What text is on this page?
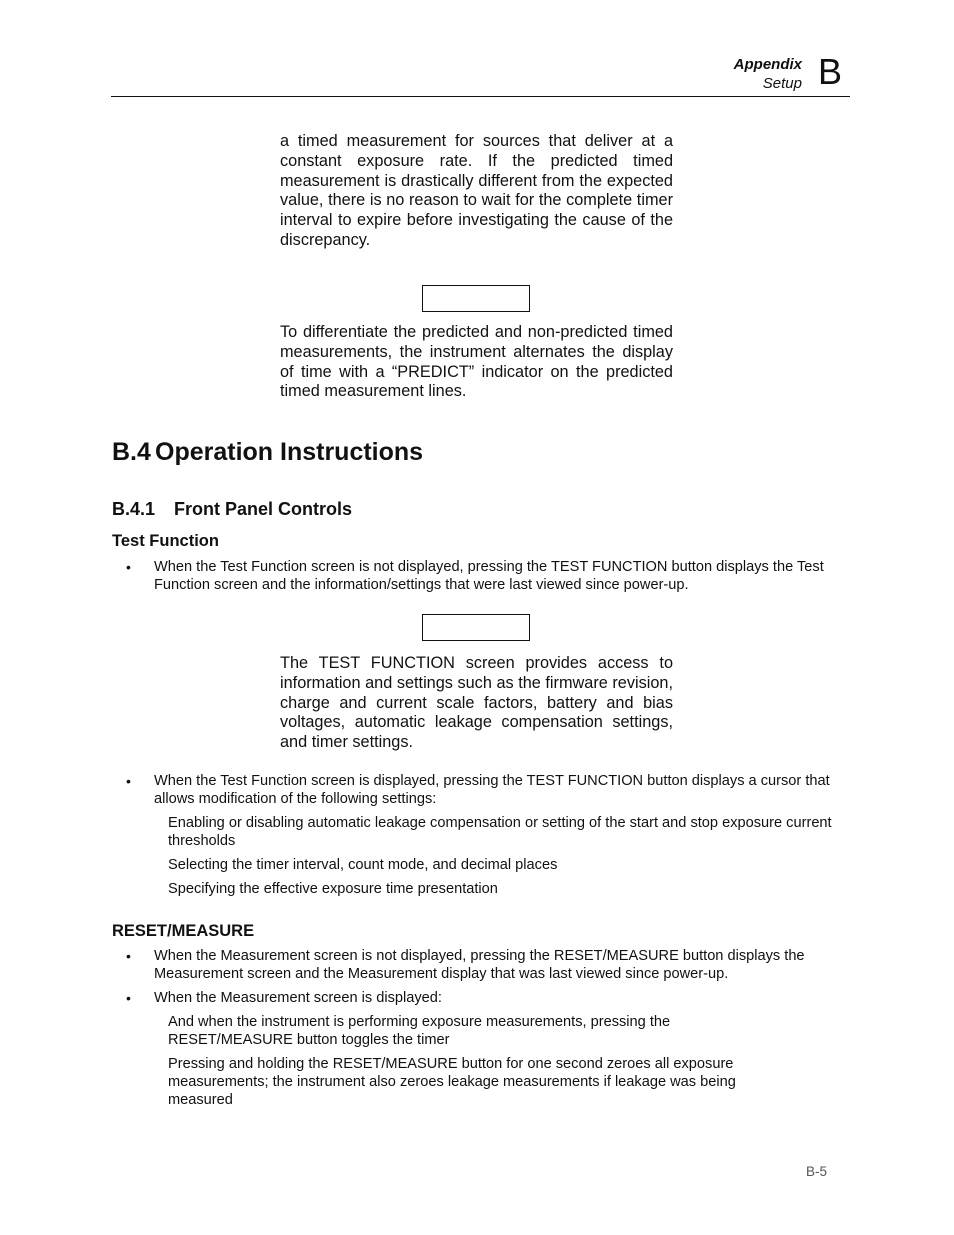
Appendix
Setup B
a timed measurement for sources that deliver at a constant exposure rate. If the predicted timed measurement is drastically different from the expected value, there is no reason to wait for the complete timer interval to expire before investigating the cause of the discrepancy.
To differentiate the predicted and non-predicted timed measurements, the instrument alternates the display of time with a “PREDICT” indicator on the predicted timed measurement lines.
B.4 Operation Instructions
B.4.1 Front Panel Controls
Test Function
• When the Test Function screen is not displayed, pressing the TEST FUNCTION button displays the Test Function screen and the information/settings that were last viewed since power-up.
The TEST FUNCTION screen provides access to information and settings such as the firmware revision, charge and current scale factors, battery and bias voltages, automatic leakage compensation settings, and timer settings.
• When the Test Function screen is displayed, pressing the TEST FUNCTION button displays a cursor that allows modification of the following settings:
Enabling or disabling automatic leakage compensation or setting of the start and stop exposure current thresholds
Selecting the timer interval, count mode, and decimal places
Specifying the effective exposure time presentation
RESET/MEASURE
• When the Measurement screen is not displayed, pressing the RESET/MEASURE button displays the Measurement screen and the Measurement display that was last viewed since power-up.
• When the Measurement screen is displayed:
And when the instrument is performing exposure measurements, pressing the RESET/MEASURE button toggles the timer
Pressing and holding the RESET/MEASURE button for one second zeroes all exposure measurements; the instrument also zeroes leakage measurements if leakage was being measured
B-5
